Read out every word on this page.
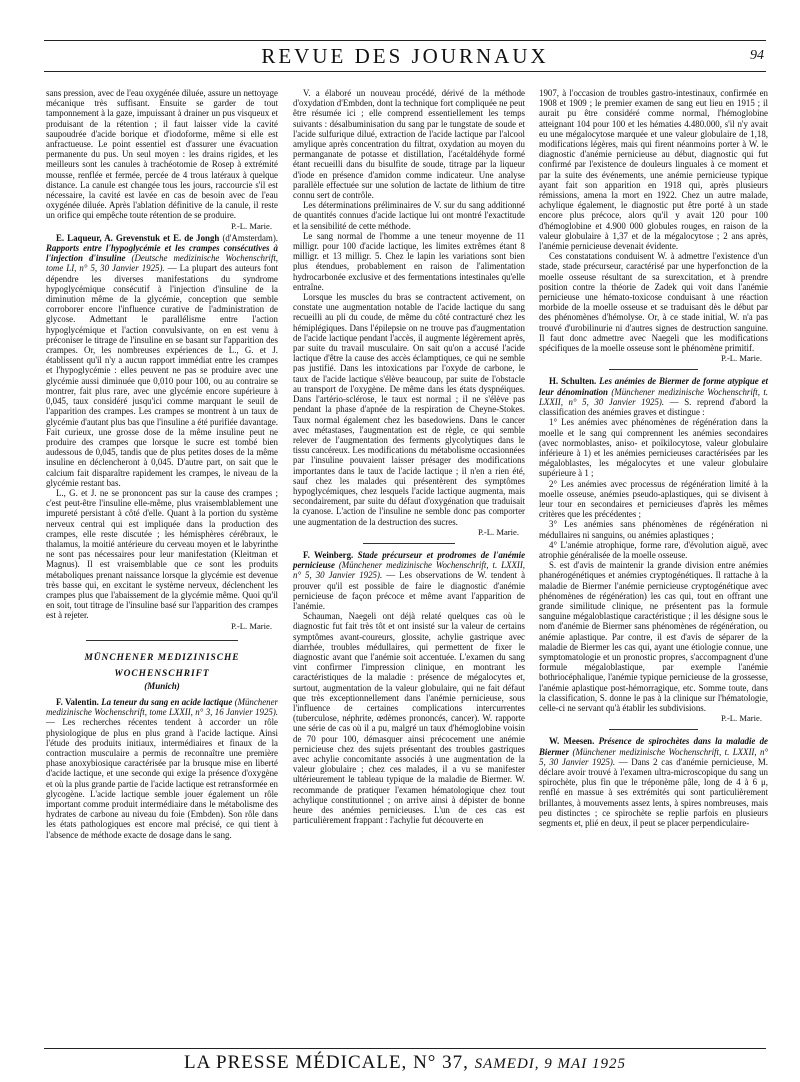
REVUE DES JOURNAUX	94

sans pression, avec de l'eau oxygénée diluée, assure un nettoyage mécanique très suffisant. Ensuite se garder de tout tamponnement à la gaze, impuissant à drainer un pus visqueux et produisant de la rétention ; il faut laisser vide la cavité saupoudrée d'acide borique et d'iodoforme, même si elle est anfractueuse. Le point essentiel est d'assurer une évacuation permanente du pus. Un seul moyen : les drains rigides, et les meilleurs sont les canules à trachéotomie de Rosep à extrémité mousse, renflée et fermée, percée de 4 trous latéraux à quelque distance. La canule est changée tous les jours, raccourcie s'il est nécessaire, la cavité est lavée en cas de besoin avec de l'eau oxygénée diluée. Après l'ablation définitive de la canule, il reste un orifice qui empêche toute rétention de se produire.

P.-L. Marie.

E. Laqueur, A. Grevenstuk et E. de Jongh (d'Amsterdam). Rapports entre l'hypoglycémie et les crampes consécutives à l'injection d'insuline (Deutsche medizinische Wochenschrift, tome LI, n° 5, 30 Janvier 1925). — La plupart des auteurs font dépendre les diverses manifestations du syndrome hypoglycémique consécutif à l'injection d'insuline de la diminution même de la glycémie, conception que semble corroborer encore l'influence curative de l'administration de glycose. Admettant le parallélisme entre l'action hypoglycémique et l'action convulsivante, on en est venu à préconiser le titrage de l'insuline en se basant sur l'apparition des crampes. Or, les nombreuses expériences de L., G. et J. établissent qu'il n'y a aucun rapport immédiat entre les crampes et l'hypoglycémie : elles peuvent ne pas se produire avec une glycémie aussi diminuée que 0,010 pour 100, ou au contraire se montrer, fait plus rare, avec une glycémie encore supérieure à 0,045, taux considéré jusqu'ici comme marquant le seuil de l'apparition des crampes. Les crampes se montrent à un taux de glycémie d'autant plus bas que l'insuline a été purifiée davantage. Fait curieux, une grosse dose de la même insuline peut ne produire des crampes que lorsque le sucre est tombé bien audessous de 0,045, tandis que de plus petites doses de la même insuline en déclencheront à 0,045. D'autre part, on sait que le calcium fait disparaître rapidement les crampes, le niveau de la glycémie restant bas.

L., G. et J. ne se prononcent pas sur la cause des crampes ; c'est peut-être l'insuline elle-même, plus vraisemblablement une impureté persistant à côté d'elle. Quant à la portion du système nerveux central qui est impliquée dans la production des crampes, elle reste discutée ; les hémisphères cérébraux, le thalamus, la moitié antérieure du cerveau moyen et le labyrinthe ne sont pas nécessaires pour leur manifestation (Kleitman et Magnus). Il est vraisemblable que ce sont les produits métaboliques prenant naissance lorsque la glycémie est devenue très basse qui, en excitant le système nerveux, déclenchent les crampes plus que l'abaissement de la glycémie même. Quoi qu'il en soit, tout titrage de l'insuline basé sur l'apparition des crampes est à rejeter.

P.-L. Marie.
MÜNCHENER MEDIZINISCHE
WOCHENSCHRIFT
(Munich)

F. Valentin. La teneur du sang en acide lactique (Münchener medizinische Wochenschrift, tome LXXII, n° 3, 16 Janvier 1925). — Les recherches récentes tendent à accorder un rôle physiologique de plus en plus grand à l'acide lactique. Ainsi l'étude des produits initiaux, intermédiaires et finaux de la contraction musculaire a permis de reconnaître une première phase anoxybiosique caractérisée par la brusque mise en liberté d'acide lactique, et une seconde qui exige la présence d'oxygène et où la plus grande partie de l'acide lactique est retransformée en glycogène. L'acide lactique semble jouer également un rôle important comme produit intermédiaire dans le métabolisme des hydrates de carbone au niveau du foie (Embden). Son rôle dans les états pathologiques est encore mal précisé, ce qui tient à l'absence de méthode exacte de dosage dans le sang.

V. a élaboré un nouveau procédé, dérivé de la méthode d'oxydation d'Embden, dont la technique fort compliquée ne peut être résumée ici ; elle comprend essentiellement les temps suivants : désalbuminisation du sang par le tungstate de soude et l'acide sulfurique dilué, extraction de l'acide lactique par l'alcool amylique après concentration du filtrat, oxydation au moyen du permanganate de potasse et distillation, l'acétaldéhyde formé étant recueilli dans du bisulfite de soude, titrage par la liqueur d'iode en présence d'amidon comme indicateur. Une analyse parallèle effectuée sur une solution de lactate de lithium de titre connu sert de contrôle.

Les déterminations préliminaires de V. sur du sang additionné de quantités connues d'acide lactique lui ont montré l'exactitude et la sensibilité de cette méthode.

Le sang normal de l'homme a une teneur moyenne de 11 milligr. pour 100 d'acide lactique, les limites extrêmes étant 8 milligr. et 13 milligr. 5. Chez le lapin les variations sont bien plus étendues, probablement en raison de l'alimentation hydrocarbonée exclusive et des fermentations intestinales qu'elle entraîne.

Lorsque les muscles du bras se contractent activement, on constate une augmentation notable de l'acide lactique du sang recueilli au pli du coude, de même du côté contracturé chez les hémiplégiques. Dans l'épilepsie on ne trouve pas d'augmentation de l'acide lactique pendant l'accès, il augmente légèrement après, par suite du travail musculaire. On sait qu'on a accusé l'acide lactique d'être la cause des accès éclamptiques, ce qui ne semble pas justifié. Dans les intoxications par l'oxyde de carbone, le taux de l'acide lactique s'élève beaucoup, par suite de l'obstacle au transport de l'oxygène. De même dans les états dyspnéiques. Dans l'artério-sclérose, le taux est normal ; il ne s'élève pas pendant la phase d'apnée de la respiration de Cheyne-Stokes. Taux normal également chez les basedowiens. Dans le cancer avec métastases, l'augmentation est de règle, ce qui semble relever de l'augmentation des ferments glycolytiques dans le tissu cancéreux. Les modifications du métabolisme occasionnées par l'insuline pouvaient laisser présager des modifications importantes dans le taux de l'acide lactique ; il n'en a rien été, sauf chez les malades qui présentèrent des symptômes hypoglycémiques, chez lesquels l'acide lactique augmenta, mais secondairement, par suite du défaut d'oxygénation que traduisait la cyanose. L'action de l'insuline ne semble donc pas comporter une augmentation de la destruction des sucres.

P.-L. Marie.

F. Weinberg. Stade précurseur et prodromes de l'anémie pernicieuse (Münchener medizinische Wochenschrift, t. LXXII, n° 5, 30 Janvier 1925). — Les observations de W. tendent à prouver qu'il est possible de faire le diagnostic d'anémie pernicieuse de façon précoce et même avant l'apparition de l'anémie.

Schauman, Naegeli ont déjà relaté quelques cas où le diagnostic fut fait très tôt et ont insisté sur la valeur de certains symptômes avant-coureurs, glossite, achylie gastrique avec diarrhée, troubles médullaires, qui permettent de fixer le diagnostic avant que l'anémie soit accentuée. L'examen du sang vint confirmer l'impression clinique, en montrant les caractéristiques de la maladie : présence de mégalocytes et, surtout, augmentation de la valeur globulaire, qui ne fait défaut que très exceptionnellement dans l'anémie pernicieuse, sous l'influence de certaines complications intercurrentes (tuberculose, néphrite, œdèmes prononcés, cancer). W. rapporte une série de cas où il a pu, malgré un taux d'hémoglobine voisin de 70 pour 100, démasquer ainsi précocement une anémie pernicieuse chez des sujets présentant des troubles gastriques avec achylie concomitante associés à une augmentation de la valeur globulaire ; chez ces malades, il a vu se manifester ultérieurement le tableau typique de la maladie de Biermer. W. recommande de pratiquer l'examen hématologique chez tout achylique constitutionnel ; on arrive ainsi à dépister de bonne heure des anémies pernicieuses. L'un de ces cas est particulièrement frappant : l'achylie fut découverte en

1907, à l'occasion de troubles gastro-intestinaux, confirmée en 1908 et 1909 ; le premier examen de sang eut lieu en 1915 ; il aurait pu être considéré comme normal, l'hémoglobine atteignant 104 pour 100 et les hématies 4.480.000, s'il n'y avait eu une mégalocytose marquée et une valeur globulaire de 1,18, modifications légères, mais qui firent néanmoins porter à W. le diagnostic d'anémie pernicieuse au début, diagnostic qui fut confirmé par l'existence de douleurs linguales à ce moment et par la suite des événements, une anémie pernicieuse typique ayant fait son apparition en 1918 qui, après plusieurs rémissions, amena la mort en 1922. Chez un autre malade, achylique également, le diagnostic put être porté à un stade encore plus précoce, alors qu'il y avait 120 pour 100 d'hémoglobine et 4.900 000 globules rouges, en raison de la valeur globulaire à 1,37 et de la mégalocytose ; 2 ans après, l'anémie pernicieuse devenait évidente.

Ces constatations conduisent W. à admettre l'existence d'un stade, stade précurseur, caractérisé par une hyperfonction de la moelle osseuse résultant de sa surexcitation, et à prendre position contre la théorie de Zadek qui voit dans l'anémie pernicieuse une hémato-toxicose conduisant à une réaction morbide de la moelle osseuse et se traduisant dès le début par des phénomènes d'hémolyse. Or, à ce stade initial, W. n'a pas trouvé d'urobilinurie ni d'autres signes de destruction sanguine. Il faut donc admettre avec Naegeli que les modifications spécifiques de la moelle osseuse sont le phénomène primitif.

P.-L. Marie.

H. Schulten. Les anémies de Biermer de forme atypique et leur dénomination (Münchener medizinische Wochenschrift, t. LXXII, n° 5, 30 Janvier 1925). — S. reprend d'abord la classification des anémies graves et distingue :

1° Les anémies avec phénomènes de régénération dans la moelle et le sang qui comprennent les anémies secondaires (avec normoblastes, aniso- et poïkilocytose, valeur globulaire inférieure à 1) et les anémies pernicieuses caractérisées par les mégaloblastes, les mégalocytes et une valeur globulaire supérieure à 1 ;

2° Les anémies avec processus de régénération limité à la moelle osseuse, anémies pseudo-aplastiques, qui se divisent à leur tour en secondaires et pernicieuses d'après les mêmes critères que les précédentes ;

3° Les anémies sans phénomènes de régénération ni médullaires ni sanguins, ou anémies aplastiques ;

4° L'anémie atrophique, forme rare, d'évolution aiguë, avec atrophie généralisée de la moelle osseuse.

S. est d'avis de maintenir la grande division entre anémies phanérogénétiques et anémies cryptogénétiques. Il rattache à la maladie de Biermer l'anémie pernicieuse cryptogénétique avec phénomènes de régénération) les cas qui, tout en offrant une grande similitude clinique, ne présentent pas la formule sanguine mégaloblastique caractéristique ; il les désigne sous le nom d'anémie de Biermer sans phénomènes de régénération, ou anémie aplastique. Par contre, il est d'avis de séparer de la maladie de Biermer les cas qui, ayant une étiologie connue, une symptomatologie et un pronostic propres, s'accompagnent d'une formule mégaloblastique, par exemple l'anémie bothriocéphalique, l'anémie typique pernicieuse de la grossesse, l'anémie aplastique post-hémorragique, etc. Somme toute, dans la classification, S. donne le pas à la clinique sur l'hématologie, celle-ci ne servant qu'à établir les subdivisions.

P.-L. Marie.

W. Meesen. Présence de spirochètes dans la maladie de Biermer (Münchener medizinische Wochenschrift, t. LXXII, n° 5, 30 Janvier 1925). — Dans 2 cas d'anémie pernicieuse, M. déclare avoir trouvé à l'examen ultra-microscopique du sang un spirochète, plus fin que le tréponème pâle, long de 4 à 6 μ, renflé en massue à ses extrémités qui sont particulièrement brillantes, à mouvements assez lents, à spires nombreuses, mais peu distinctes ; ce spirochète se replie parfois en plusieurs segments et, plié en deux, il peut se placer perpendiculaire-

LA PRESSE MÉDICALE, N° 37, SAMEDI, 9 MAI 1925
